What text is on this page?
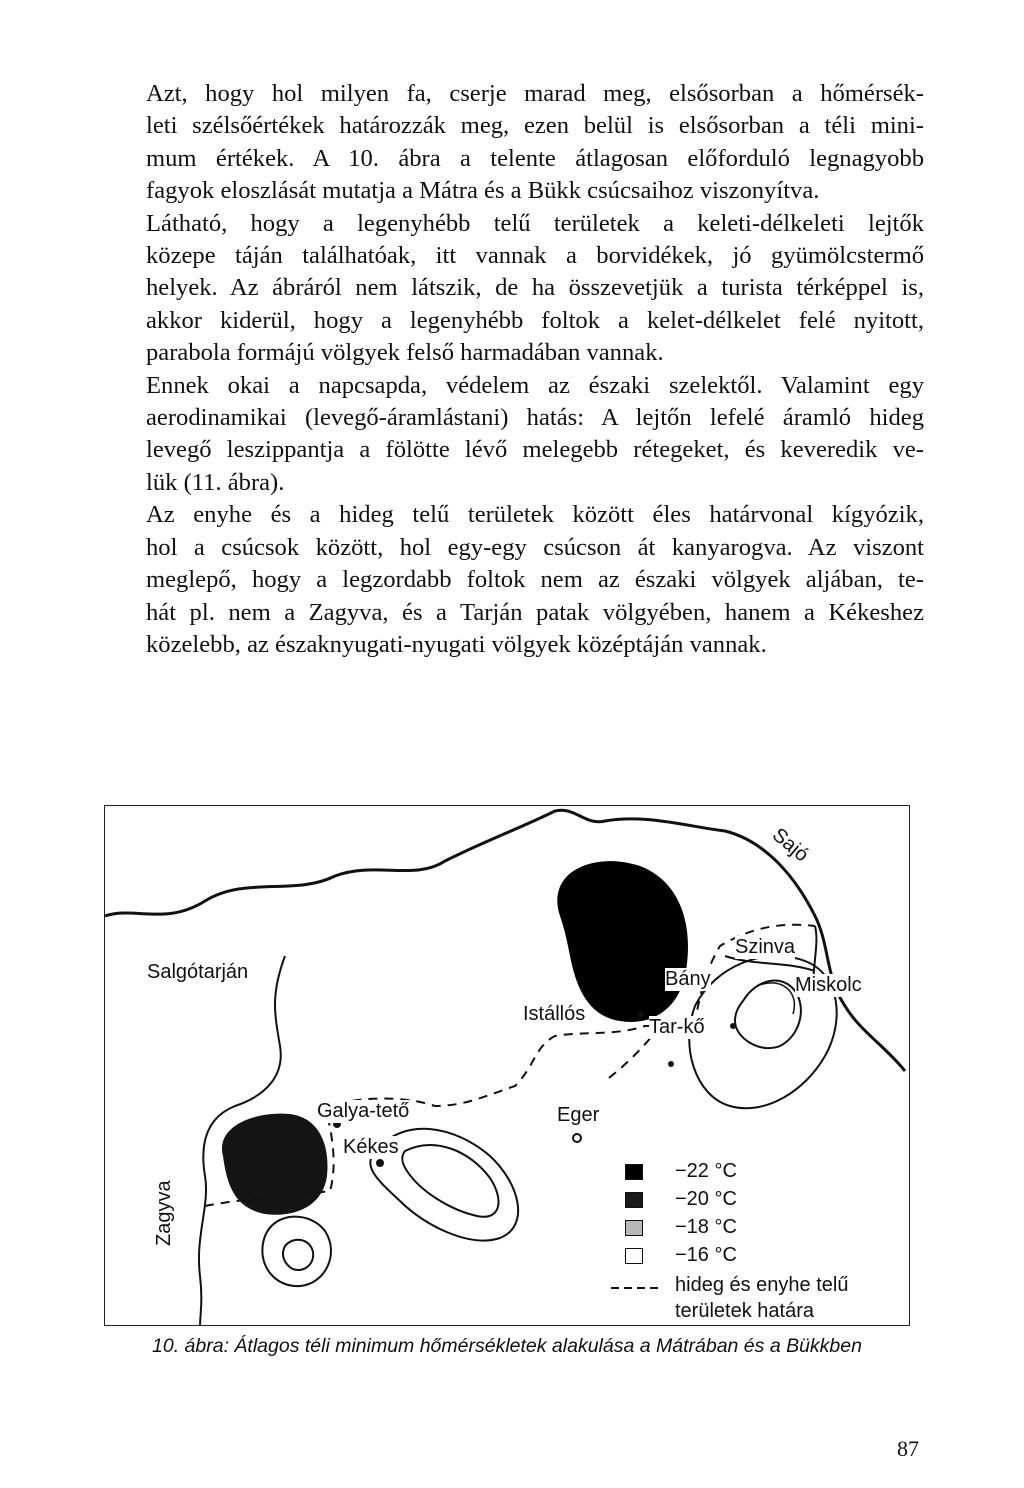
Azt, hogy hol milyen fa, cserje marad meg, elsősorban a hőmérsék-
leti szélsőértékek határozzák meg, ezen belül is elsősorban a téli mini-
mum értékek. A 10. ábra a telente átlagosan előforduló legnagyobb
fagyok eloszlását mutatja a Mátra és a Bükk csúcsaihoz viszonyítva.

Látható, hogy a legenyhébb telű területek a keleti-délkeleti lejtők
közepe táján találhatóak, itt vannak a borvidékek, jó gyümölcstermő
helyek. Az ábráról nem látszik, de ha összevetjük a turista térképpel is,
akkor kiderül, hogy a legenyhébb foltok a kelet-délkelet felé nyitott,
parabola formájú völgyek felső harmadában vannak.

Ennek okai a napcsapda, védelem az északi szelektől. Valamint egy
aerodinamikai (levegő-áramlástani) hatás: A lejtőn lefelé áramló hideg
levegő leszippantja a fölötte lévő melegebb rétegeket, és keveredik ve-
lük (11. ábra).

Az enyhe és a hideg telű területek között éles határvonal kígyózik,
hol a csúcsok között, hol egy-egy csúcson át kanyarogva. Az viszont
meglepő, hogy a legzordabb foltok nem az északi völgyek aljában, te-
hát pl. nem a Zagyva, és a Tarján patak völgyében, hanem a Kékeshez
közelebb, az északnyugati-nyugati völgyek középtáján vannak.

Sajó
Salgótarján
Szinva
Istállós
Bány	Miskolc
Tar-kő
Eger
Galya-tető
Kékes
Zagyva
−22 °C
−20 °C
−18 °C
−16 °C
hideg és enyhe telű
területek határa
10. ábra: Átlagos téli minimum hőmérsékletek alakulása a Mátrában és a Bükkben
87
